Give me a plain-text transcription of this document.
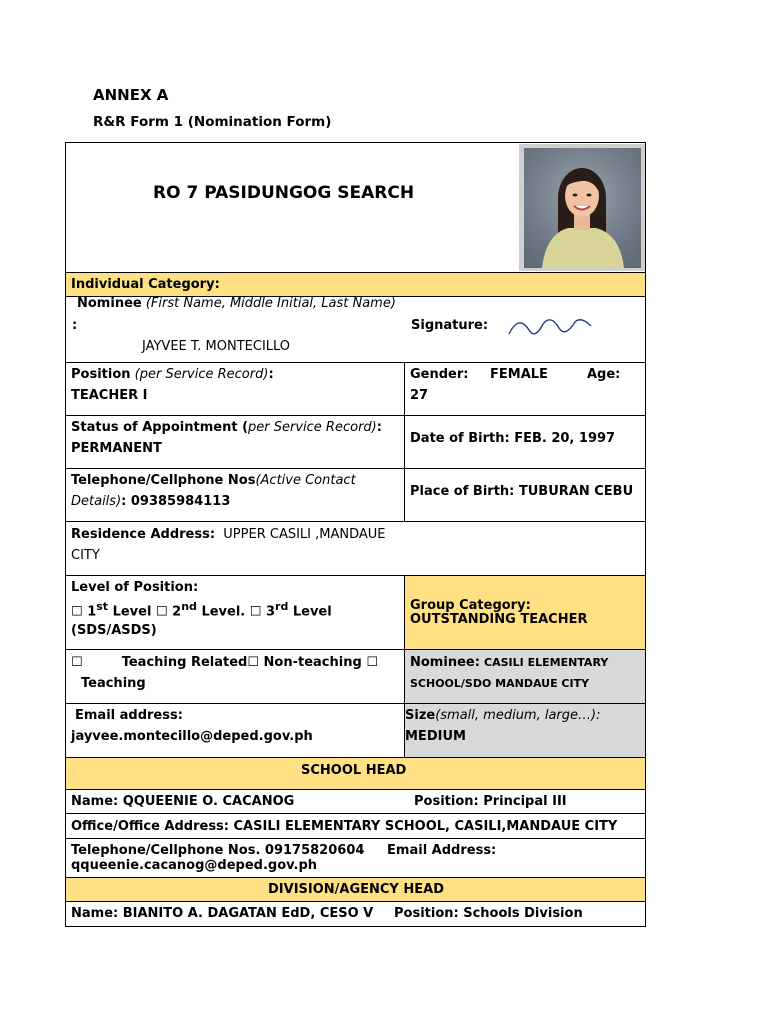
ANNEX A
R&R Form 1 (Nomination Form)
RO 7 PASIDUNGOG SEARCH
Individual Category:
Nominee (First Name, Middle Initial, Last Name)
:	Signature:
JAYVEE T. MONTECILLO
Position (per Service Record):
TEACHER I
Gender: FEMALE	Age:
27
Status of Appointment (per Service Record):
PERMANENT
Date of Birth: FEB. 20, 1997
Telephone/Cellphone Nos(Active Contact
Details): 09385984113
Place of Birth: TUBURAN CEBU
Residence Address: UPPER CASILI ,MANDAUE
CITY
Level of Position:
☐ 1st Level ☐ 2nd Level. ☐ 3rd Level
(SDS/ASDS)
Group Category:
OUTSTANDING TEACHER
☐	Teaching Related☐ Non-teaching ☐
Teaching
Nominee: CASILI ELEMENTARY
SCHOOL/SDO MANDAUE CITY
Email address:
jayvee.montecillo@deped.gov.ph
Size(small, medium, large…):
MEDIUM
SCHOOL HEAD
Name: QQUEENIE O. CACANOG	Position: Principal III
Office/Office Address: CASILI ELEMENTARY SCHOOL, CASILI,MANDAUE CITY
Telephone/Cellphone Nos. 09175820604     Email Address:
qqueenie.cacanog@deped.gov.ph
DIVISION/AGENCY HEAD
Name: BIANITO A. DAGATAN EdD, CESO V Position: Schools Division
